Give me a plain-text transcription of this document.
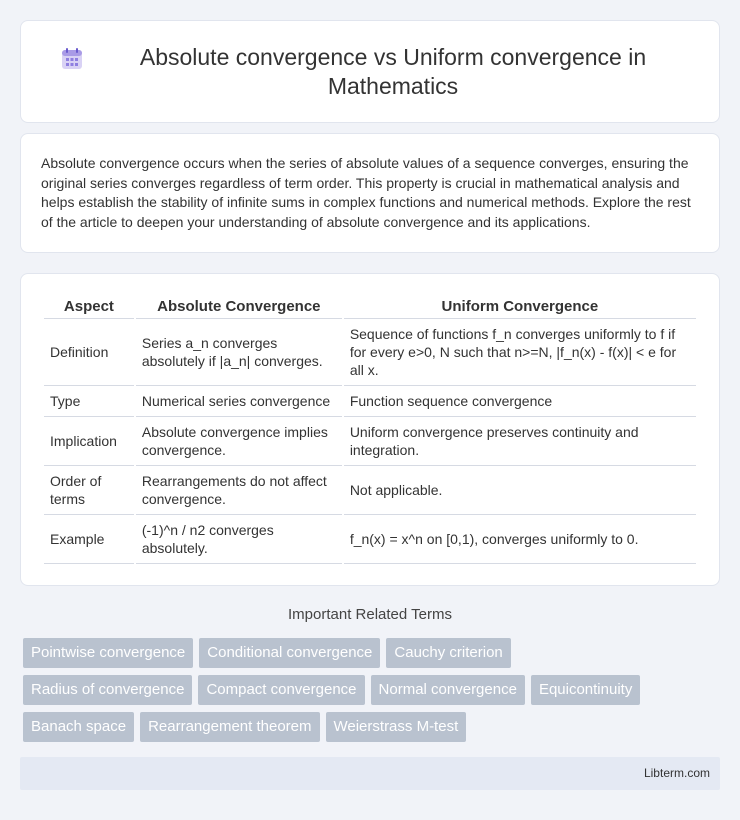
Absolute convergence vs Uniform convergence in Mathematics

Absolute convergence occurs when the series of absolute values of a sequence converges, ensuring the original series converges regardless of term order. This property is crucial in mathematical analysis and helps establish the stability of infinite sums in complex functions and numerical methods. Explore the rest of the article to deepen your understanding of absolute convergence and its applications.

Aspect	Absolute Convergence	Uniform Convergence
Definition	Series a_n converges absolutely if |a_n| converges.	Sequence of functions f_n converges uniformly to f if for every e>0, N such that n>=N, |f_n(x) - f(x)| < e for all x.
Type	Numerical series convergence	Function sequence convergence
Implication	Absolute convergence implies convergence.	Uniform convergence preserves continuity and integration.
Order of terms	Rearrangements do not affect convergence.	Not applicable.
Example	(-1)^n / n2 converges absolutely.	f_n(x) = x^n on [0,1), converges uniformly to 0.
Important Related Terms
Pointwise convergence	Conditional convergence	Cauchy criterion
Radius of convergence	Compact convergence	Normal convergence	Equicontinuity
Banach space	Rearrangement theorem	Weierstrass M-test
Libterm.com
